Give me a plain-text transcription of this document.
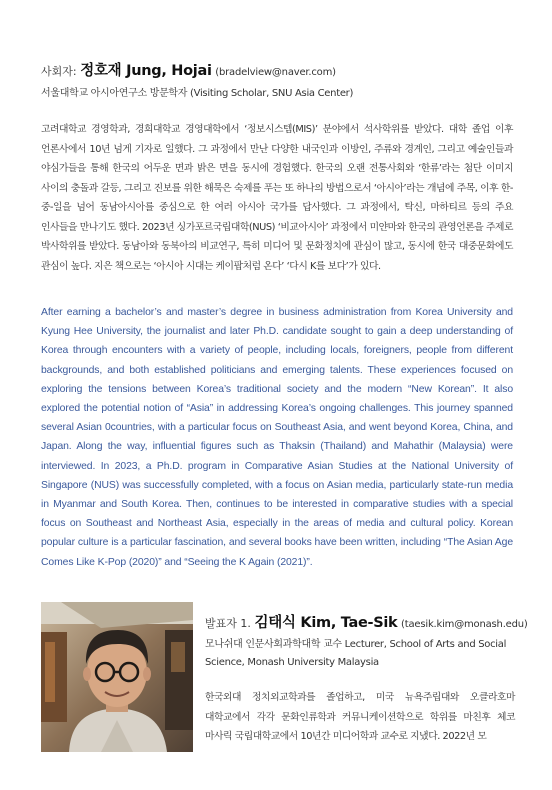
사회자: 정호재 Jung, Hojai (bradelview@naver.com)
서울대학교 아시아연구소 방문학자 (Visiting Scholar, SNU Asia Center)
고려대학교 경영학과, 경희대학교 경영대학에서 ‘정보시스템(MIS)’ 분야에서 석사학위를 받았다. 대학 졸업 이후 언론사에서 10년 넘게 기자로 일했다. 그 과정에서 만난 다양한 내국인과 이방인, 주류와 경계인, 그리고 예술인들과 야심가들을 통해 한국의 어두운 면과 밝은 면을 동시에 경험했다. 한국의 오랜 전통사회와 ‘한류’라는 첨단 이미지 사이의 충돌과 갈등, 그리고 진보를 위한 해묵은 숙제를 푸는 또 하나의 방법으로서 ‘아시아’라는 개념에 주목, 이후 한-중-일을 넘어 동남아시아를 중심으로 한 여러 아시아 국가를 답사했다. 그 과정에서, 탁신, 마하티르 등의 주요 인사들을 만나기도 했다. 2023년 싱가포르국립대학(NUS) ‘비교아시아’ 과정에서 미얀마와 한국의 관영언론을 주제로 박사학위를 받았다. 동남아와 동북아의 비교연구, 특히 미디어 및 문화정치에 관심이 많고, 동시에 한국 대중문화에도 관심이 높다. 지은 책으로는 ‘아시아 시대는 케이팝처럼 온다’ ‘다시 K를 보다’가 있다.
After earning a bachelor’s and master’s degree in business administration from Korea University and Kyung Hee University, the journalist and later Ph.D. candidate sought to gain a deep understanding of Korea through encounters with a variety of people, including locals, foreigners, people from different backgrounds, and both established politicians and emerging talents. These experiences focused on exploring the tensions between Korea’s traditional society and the modern “New Korean”. It also explored the potential notion of “Asia” in addressing Korea’s ongoing challenges. This journey spanned several Asian 0countries, with a particular focus on Southeast Asia, and went beyond Korea, China, and Japan. Along the way, influential figures such as Thaksin (Thailand) and Mahathir (Malaysia) were interviewed. In 2023, a Ph.D. program in Comparative Asian Studies at the National University of Singapore (NUS) was successfully completed, with a focus on Asian media, particularly state-run media in Myanmar and South Korea. Then, continues to be interested in comparative studies with a special focus on Southeast and Northeast Asia, especially in the areas of media and cultural policy. Korean popular culture is a particular fascination, and several books have been written, including “The Asian Age Comes Like K-Pop (2020)” and “Seeing the K Again (2021)”.
발표자 1. 김태식 Kim, Tae-Sik (taesik.kim@monash.edu)
모나쉬대 인문사회과학대학 교수 Lecturer, School of Arts and Social Science, Monash University Malaysia
한국외대 정치외교학과를 졸업하고, 미국 뉴욕주립대와 오클라호마 대학교에서 각각 문화인류학과 커뮤니케이션학으로 학위를 마친후 체코 마사릭 국립대학교에서 10년간 미디어학과 교수로 지냈다. 2022년 모
